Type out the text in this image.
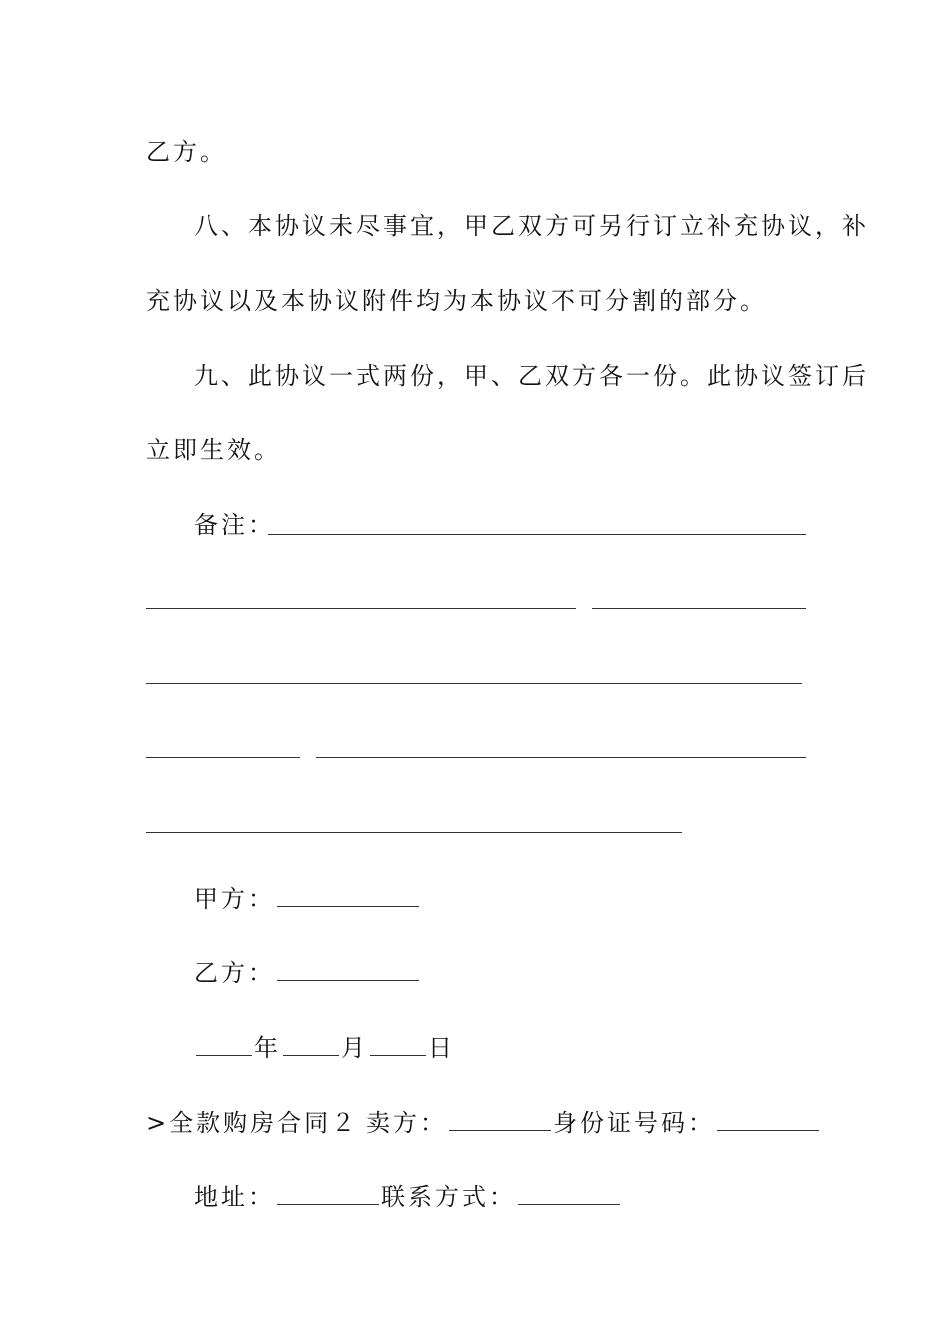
乙方。
八、本协议未尽事宜，甲乙双方可另行订立补充协议，补
充协议以及本协议附件均为本协议不可分割的部分。
九、此协议一式两份，甲、乙双方各一份。此协议签订后
立即生效。
备注：
甲方：
乙方：
年	月	日
>全款购房合同２ 卖方：	身份证号码：
地址：	联系方式：
